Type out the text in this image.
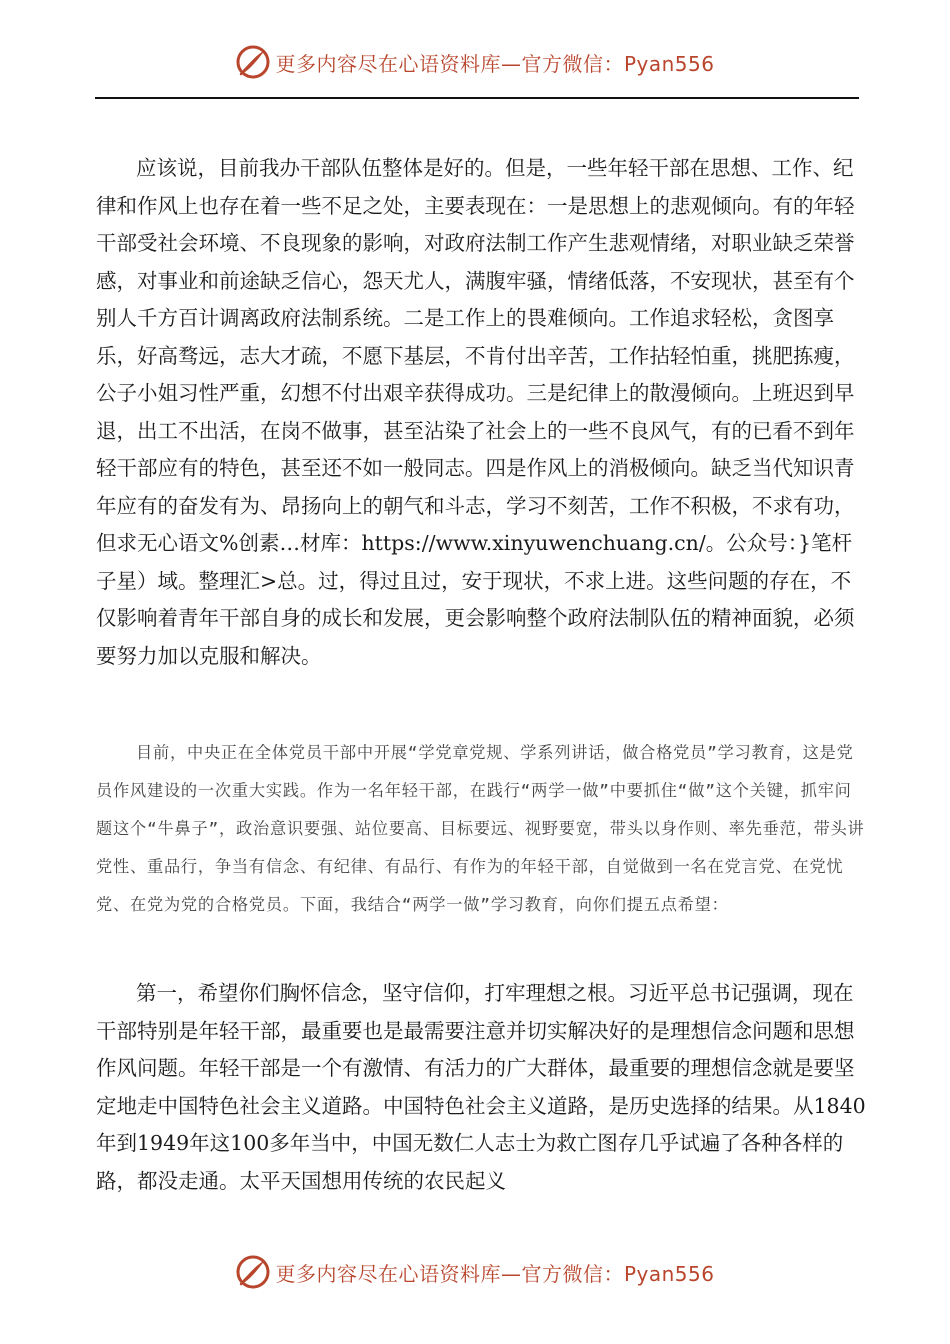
更多内容尽在心语资料库—官方微信：Pyan556

应该说，目前我办干部队伍整体是好的。但是，一些年轻干部在思想、工作、纪律和作风上也存在着一些不足之处，主要表现在：一是思想上的悲观倾向。有的年轻干部受社会环境、不良现象的影响，对政府法制工作产生悲观情绪，对职业缺乏荣誉感，对事业和前途缺乏信心，怨天尤人，满腹牢骚，情绪低落，不安现状，甚至有个别人千方百计调离政府法制系统。二是工作上的畏难倾向。工作追求轻松，贪图享乐，好高骛远，志大才疏，不愿下基层，不肯付出辛苦，工作拈轻怕重，挑肥拣瘦，公子小姐习性严重，幻想不付出艰辛获得成功。三是纪律上的散漫倾向。上班迟到早退，出工不出活，在岗不做事，甚至沾染了社会上的一些不良风气，有的已看不到年轻干部应有的特色，甚至还不如一般同志。四是作风上的消极倾向。缺乏当代知识青年应有的奋发有为、昂扬向上的朝气和斗志，学习不刻苦，工作不积极，不求有功，但求无心语文%创素…材库：https://www.xinyuwenchuang.cn/。公众号：}笔杆子星）域。整理汇>总。过，得过且过，安于现状，不求上进。这些问题的存在，不仅影响着青年干部自身的成长和发展，更会影响整个政府法制队伍的精神面貌，必须要努力加以克服和解决。

目前，中央正在全体党员干部中开展“学党章党规、学系列讲话，做合格党员”学习教育，这是党员作风建设的一次重大实践。作为一名年轻干部，在践行“两学一做”中要抓住“做”这个关键，抓牢问题这个“牛鼻子”，政治意识要强、站位要高、目标要远、视野要宽，带头以身作则、率先垂范，带头讲党性、重品行，争当有信念、有纪律、有品行、有作为的年轻干部，自觉做到一名在党言党、在党忧党、在党为党的合格党员。下面，我结合“两学一做”学习教育，向你们提五点希望：

第一，希望你们胸怀信念，坚守信仰，打牢理想之根。习近平总书记强调，现在干部特别是年轻干部，最重要也是最需要注意并切实解决好的是理想信念问题和思想作风问题。年轻干部是一个有激情、有活力的广大群体，最重要的理想信念就是要坚定地走中国特色社会主义道路。中国特色社会主义道路，是历史选择的结果。从1840年到1949年这100多年当中，中国无数仁人志士为救亡图存几乎试遍了各种各样的路，都没走通。太平天国想用传统的农民起义

更多内容尽在心语资料库—官方微信：Pyan556
